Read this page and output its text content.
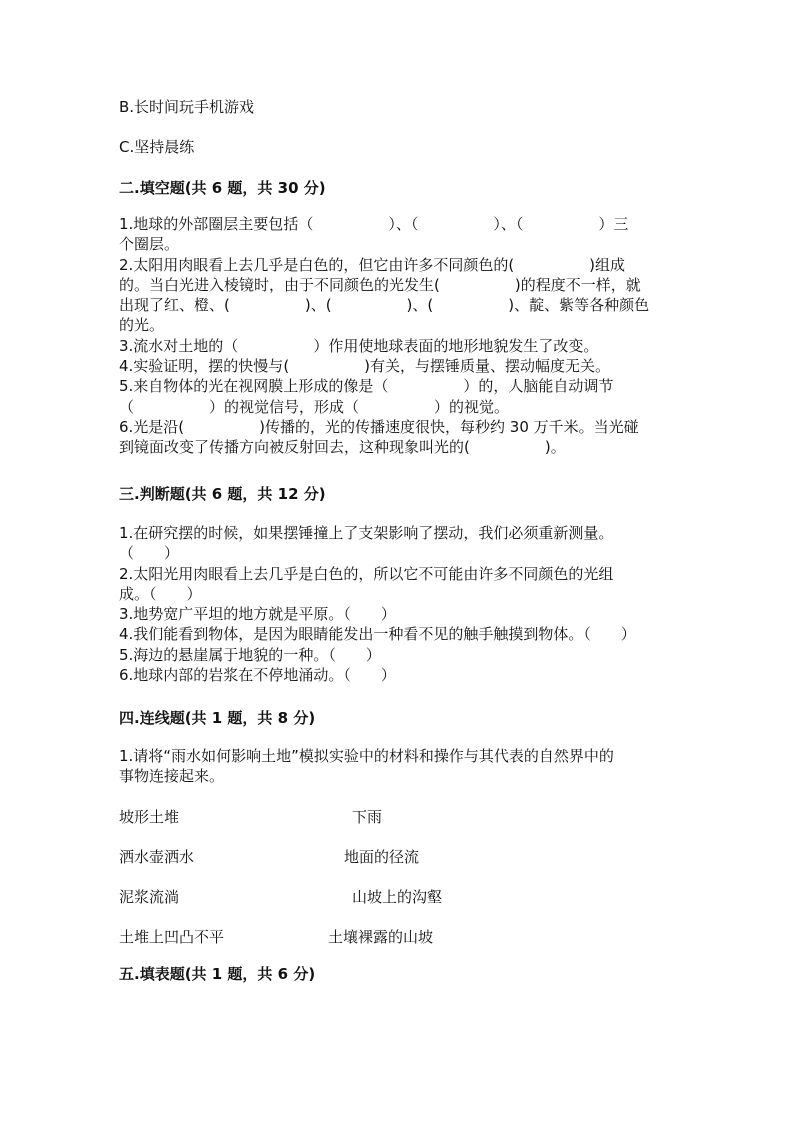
B.长时间玩手机游戏
C.坚持晨练
二.填空题(共 6 题，共 30 分)
1.地球的外部圈层主要包括（　　　　　）、（　　　　　）、（　　　　　）三
个圈层。
2.太阳用肉眼看上去几乎是白色的，但它由许多不同颜色的(　　　　　)组成
的。当白光进入棱镜时，由于不同颜色的光发生(　　　　　)的程度不一样，就
出现了红、橙、(　　　　　)、(　　　　　)、(　　　　　)、靛、紫等各种颜色
的光。
3.流水对土地的（　　　　　）作用使地球表面的地形地貌发生了改变。
4.实验证明，摆的快慢与(　　　　　)有关，与摆锤质量、摆动幅度无关。
5.来自物体的光在视网膜上形成的像是（　　　　　）的，人脑能自动调节
（　　　　　）的视觉信号，形成（　　　　　）的视觉。
6.光是沿(　　　　　)传播的，光的传播速度很快，每秒约 30 万千米。当光碰
到镜面改变了传播方向被反射回去，这种现象叫光的(　　　　　)。
三.判断题(共 6 题，共 12 分)
1.在研究摆的时候，如果摆锤撞上了支架影响了摆动，我们必须重新测量。
（　　）
2.太阳光用肉眼看上去几乎是白色的，所以它不可能由许多不同颜色的光组
成。（　　）
3.地势宽广平坦的地方就是平原。（　　）
4.我们能看到物体，是因为眼睛能发出一种看不见的触手触摸到物体。（　　）
5.海边的悬崖属于地貌的一种。（　　）
6.地球内部的岩浆在不停地涌动。（　　）
四.连线题(共 1 题，共 8 分)
1.请将“雨水如何影响土地”模拟实验中的材料和操作与其代表的自然界中的
事物连接起来。
坡形土堆	下雨
洒水壶洒水	地面的径流
泥浆流淌	山坡上的沟壑
土堆上凹凸不平	土壤裸露的山坡
五.填表题(共 1 题，共 6 分)
